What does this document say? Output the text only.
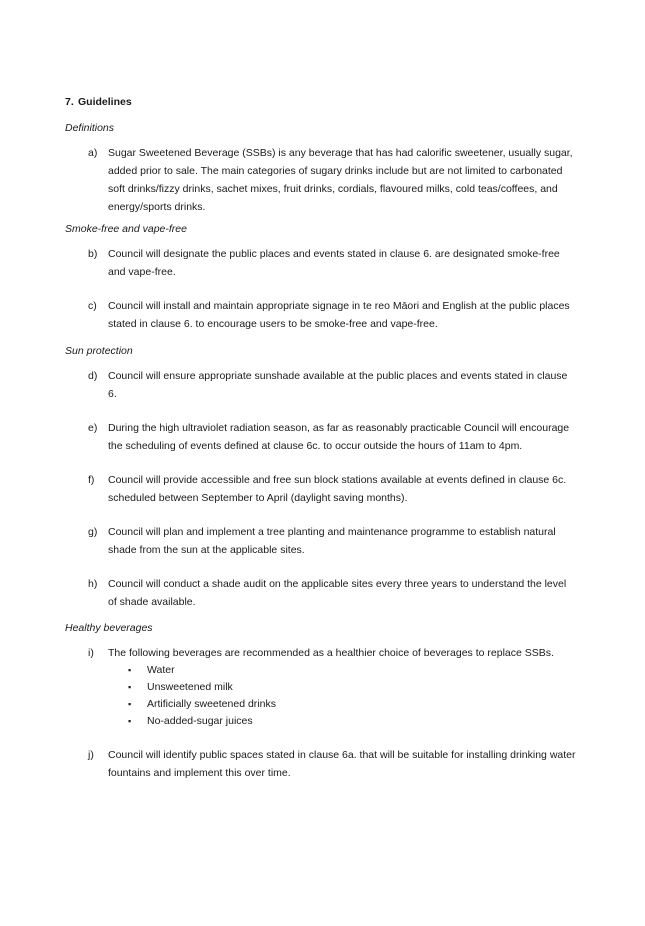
7. Guidelines
Definitions
a)	Sugar Sweetened Beverage (SSBs) is any beverage that has had calorific sweetener, usually sugar, added prior to sale. The main categories of sugary drinks include but are not limited to carbonated soft drinks/fizzy drinks, sachet mixes, fruit drinks, cordials, flavoured milks, cold teas/coffees, and energy/sports drinks.
Smoke-free and vape-free
b)	Council will designate the public places and events stated in clause 6. are designated smoke-free and vape-free.
c)	Council will install and maintain appropriate signage in te reo Māori and English at the public places stated in clause 6. to encourage users to be smoke-free and vape-free.
Sun protection
d)	Council will ensure appropriate sunshade available at the public places and events stated in clause 6.
e)	During the high ultraviolet radiation season, as far as reasonably practicable Council will encourage the scheduling of events defined at clause 6c. to occur outside the hours of 11am to 4pm.
f)	Council will provide accessible and free sun block stations available at events defined in clause 6c. scheduled between September to April (daylight saving months).
g)	Council will plan and implement a tree planting and maintenance programme to establish natural shade from the sun at the applicable sites.
h)	Council will conduct a shade audit on the applicable sites every three years to understand the level of shade available.
Healthy beverages
i)	The following beverages are recommended as a healthier choice of beverages to replace SSBs.
▪	Water
▪	Unsweetened milk
▪	Artificially sweetened drinks
▪	No-added-sugar juices
j)	Council will identify public spaces stated in clause 6a. that will be suitable for installing drinking water fountains and implement this over time.
